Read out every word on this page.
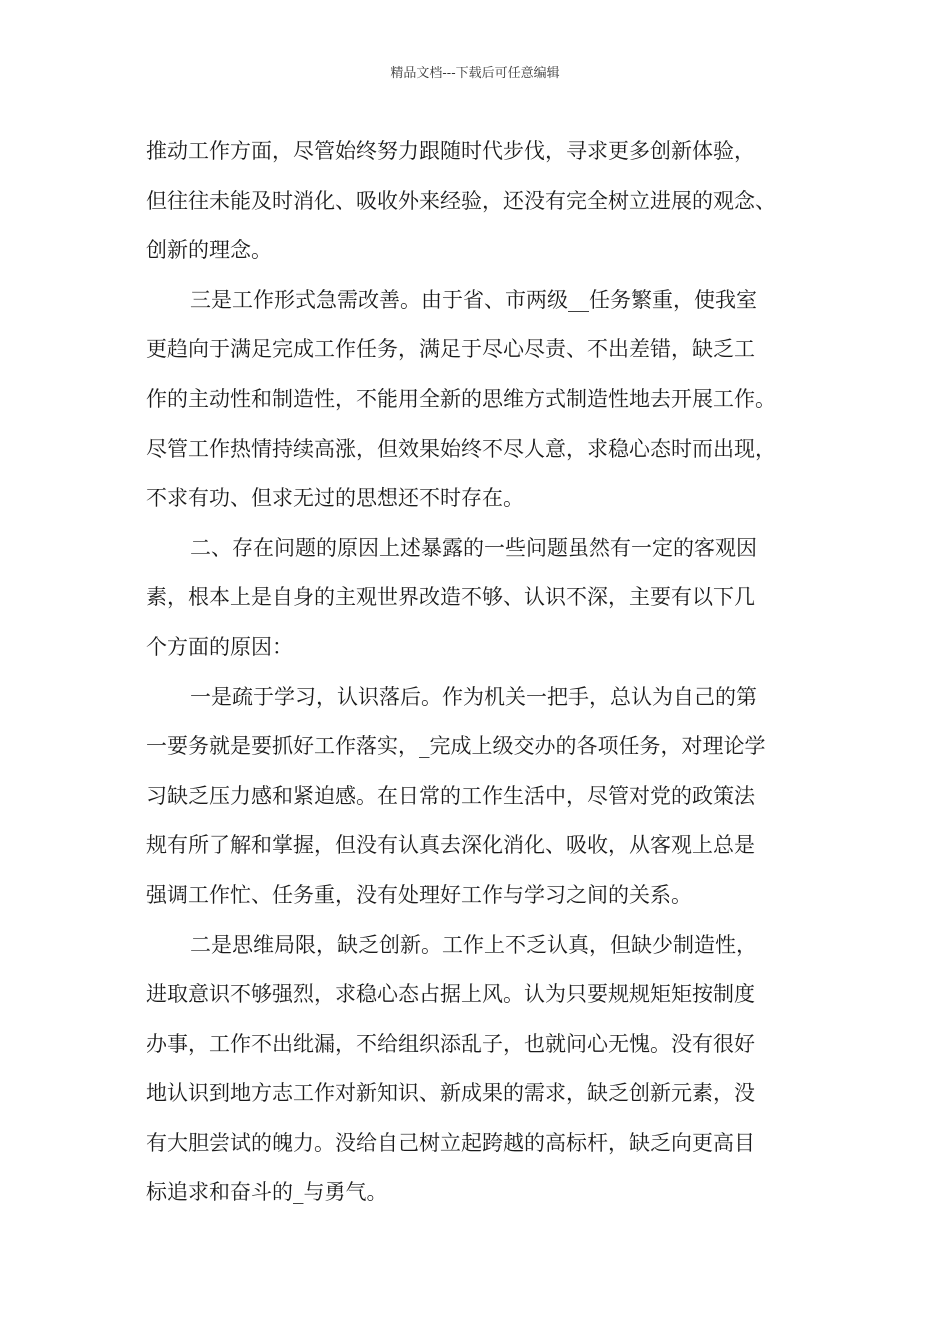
精品文档---下载后可任意编辑
推动工作方面，尽管始终努力跟随时代步伐，寻求更多创新体验，
但往往未能及时消化、吸收外来经验，还没有完全树立进展的观念、
创新的理念。
三是工作形式急需改善。由于省、市两级__任务繁重，使我室
更趋向于满足完成工作任务，满足于尽心尽责、不出差错，缺乏工
作的主动性和制造性，不能用全新的思维方式制造性地去开展工作。
尽管工作热情持续高涨，但效果始终不尽人意，求稳心态时而出现，
不求有功、但求无过的思想还不时存在。
二、存在问题的原因上述暴露的一些问题虽然有一定的客观因
素，根本上是自身的主观世界改造不够、认识不深，主要有以下几
个方面的原因：
一是疏于学习，认识落后。作为机关一把手，总认为自己的第
一要务就是要抓好工作落实，_完成上级交办的各项任务，对理论学
习缺乏压力感和紧迫感。在日常的工作生活中，尽管对党的政策法
规有所了解和掌握，但没有认真去深化消化、吸收，从客观上总是
强调工作忙、任务重，没有处理好工作与学习之间的关系。
二是思维局限，缺乏创新。工作上不乏认真，但缺少制造性，
进取意识不够强烈，求稳心态占据上风。认为只要规规矩矩按制度
办事，工作不出纰漏，不给组织添乱子，也就问心无愧。没有很好
地认识到地方志工作对新知识、新成果的需求，缺乏创新元素，没
有大胆尝试的魄力。没给自己树立起跨越的高标杆，缺乏向更高目
标追求和奋斗的_与勇气。
